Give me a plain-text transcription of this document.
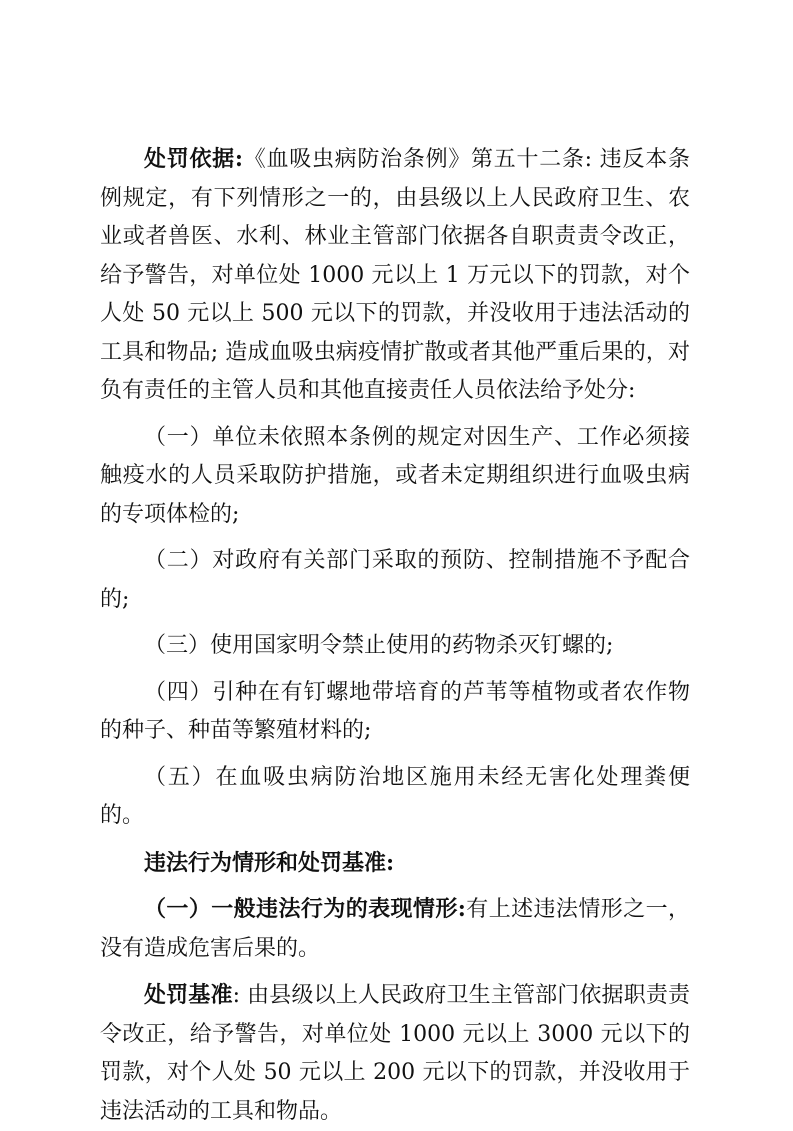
处罚依据:《血吸虫病防治条例》第五十二条: 违反本条例规定，有下列情形之一的，由县级以上人民政府卫生、农业或者兽医、水利、林业主管部门依据各自职责责令改正，给予警告，对单位处 1000 元以上 1 万元以下的罚款，对个人处 50 元以上 500 元以下的罚款，并没收用于违法活动的工具和物品; 造成血吸虫病疫情扩散或者其他严重后果的，对负有责任的主管人员和其他直接责任人员依法给予处分:

（一）单位未依照本条例的规定对因生产、工作必须接触疫水的人员采取防护措施，或者未定期组织进行血吸虫病的专项体检的;

（二）对政府有关部门采取的预防、控制措施不予配合的;

（三）使用国家明令禁止使用的药物杀灭钉螺的;

（四）引种在有钉螺地带培育的芦苇等植物或者农作物的种子、种苗等繁殖材料的;

（五）在血吸虫病防治地区施用未经无害化处理粪便的。

违法行为情形和处罚基准:

（一）一般违法行为的表现情形:有上述违法情形之一，没有造成危害后果的。

处罚基准: 由县级以上人民政府卫生主管部门依据职责责令改正，给予警告，对单位处 1000 元以上 3000 元以下的罚款，对个人处 50 元以上 200 元以下的罚款，并没收用于违法活动的工具和物品。
